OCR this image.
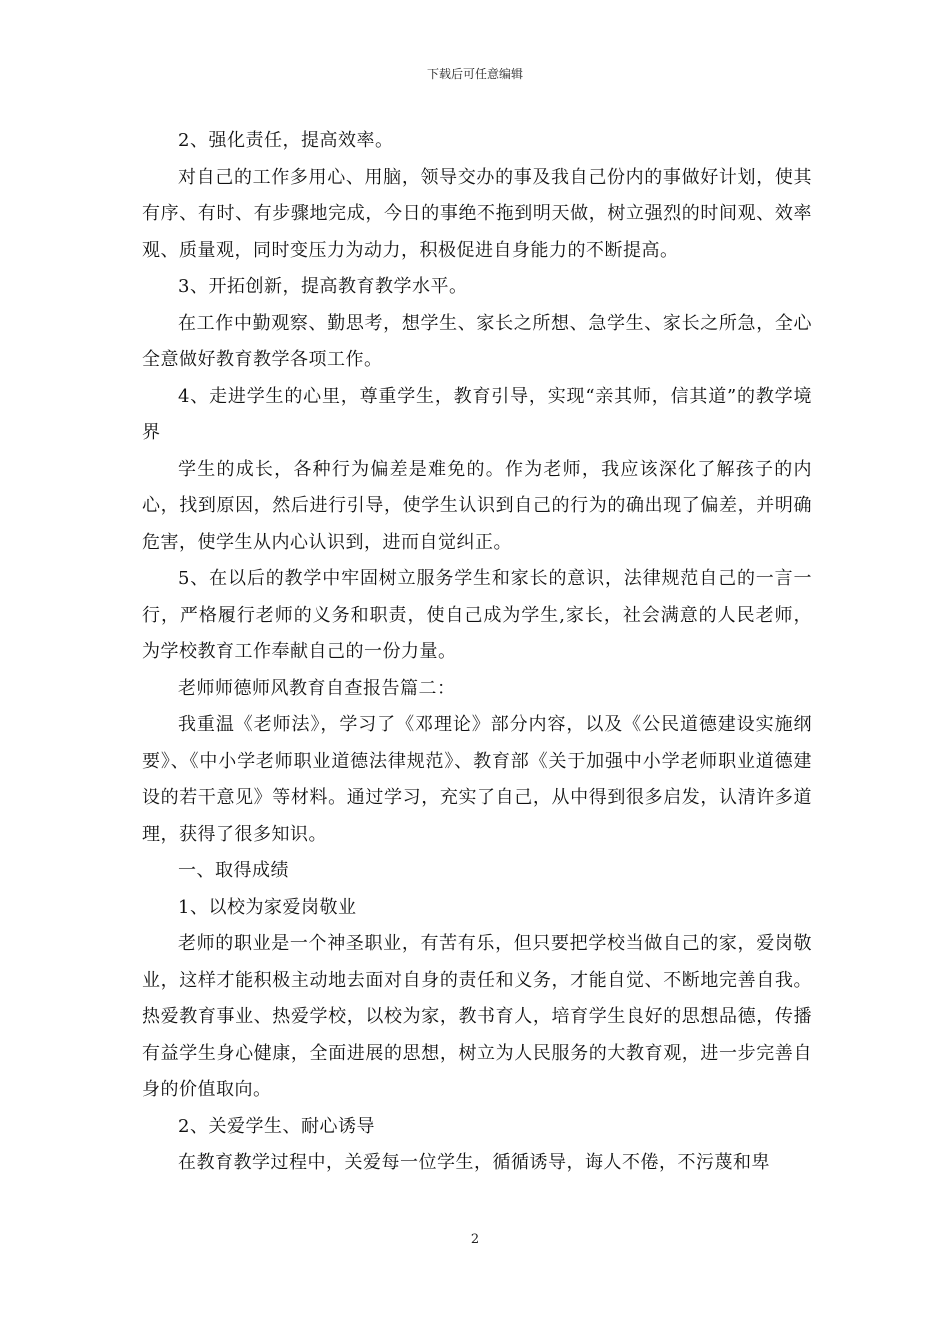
下载后可任意编辑

2、强化责任，提高效率。

对自己的工作多用心、用脑，领导交办的事及我自己份内的事做好计划，使其有序、有时、有步骤地完成，今日的事绝不拖到明天做，树立强烈的时间观、效率观、质量观，同时变压力为动力，积极促进自身能力的不断提高。

3、开拓创新，提高教育教学水平。

在工作中勤观察、勤思考，想学生、家长之所想、急学生、家长之所急，全心全意做好教育教学各项工作。

4、走进学生的心里，尊重学生，教育引导，实现“亲其师，信其道”的教学境界

学生的成长，各种行为偏差是难免的。作为老师，我应该深化了解孩子的内心，找到原因，然后进行引导，使学生认识到自己的行为的确出现了偏差，并明确危害，使学生从内心认识到，进而自觉纠正。

5、在以后的教学中牢固树立服务学生和家长的意识，法律规范自己的一言一行，严格履行老师的义务和职责，使自己成为学生,家长，社会满意的人民老师，为学校教育工作奉献自己的一份力量。

老师师德师风教育自查报告篇二：

我重温《老师法》，学习了《邓理论》部分内容，以及《公民道德建设实施纲要》、《中小学老师职业道德法律规范》、教育部《关于加强中小学老师职业道德建设的若干意见》等材料。通过学习，充实了自己，从中得到很多启发，认清许多道理，获得了很多知识。

一、取得成绩

1、以校为家爱岗敬业

老师的职业是一个神圣职业，有苦有乐，但只要把学校当做自己的家，爱岗敬业，这样才能积极主动地去面对自身的责任和义务，才能自觉、不断地完善自我。热爱教育事业、热爱学校，以校为家，教书育人，培育学生良好的思想品德，传播有益学生身心健康，全面进展的思想，树立为人民服务的大教育观，进一步完善自身的价值取向。

2、关爱学生、耐心诱导

在教育教学过程中，关爱每一位学生，循循诱导，诲人不倦，不污蔑和卑

2
